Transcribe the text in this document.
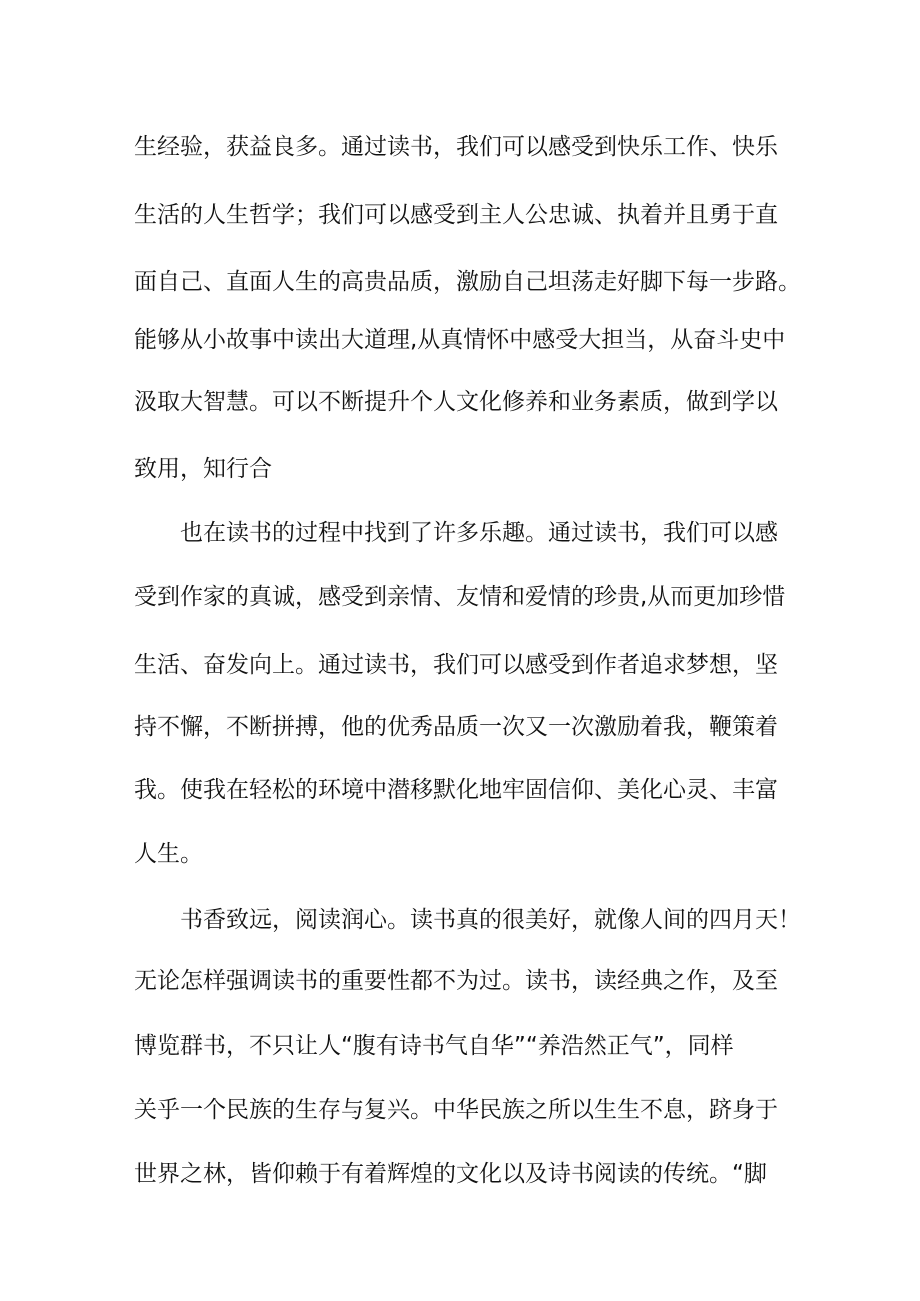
生经验，获益良多。通过读书，我们可以感受到快乐工作、快乐
生活的人生哲学；我们可以感受到主人公忠诚、执着并且勇于直
面自己、直面人生的高贵品质，激励自己坦荡走好脚下每一步路。
能够从小故事中读出大道理,从真情怀中感受大担当，从奋斗史中
汲取大智慧。可以不断提升个人文化修养和业务素质，做到学以
致用，知行合
也在读书的过程中找到了许多乐趣。通过读书，我们可以感
受到作家的真诚，感受到亲情、友情和爱情的珍贵,从而更加珍惜
生活、奋发向上。通过读书，我们可以感受到作者追求梦想，坚
持不懈，不断拼搏，他的优秀品质一次又一次激励着我，鞭策着
我。使我在轻松的环境中潜移默化地牢固信仰、美化心灵、丰富
人生。
书香致远，阅读润心。读书真的很美好，就像人间的四月天！
无论怎样强调读书的重要性都不为过。读书，读经典之作，及至
博览群书，不只让人“腹有诗书气自华”“养浩然正气”，同样
关乎一个民族的生存与复兴。中华民族之所以生生不息，跻身于
世界之林，皆仰赖于有着辉煌的文化以及诗书阅读的传统。“脚
